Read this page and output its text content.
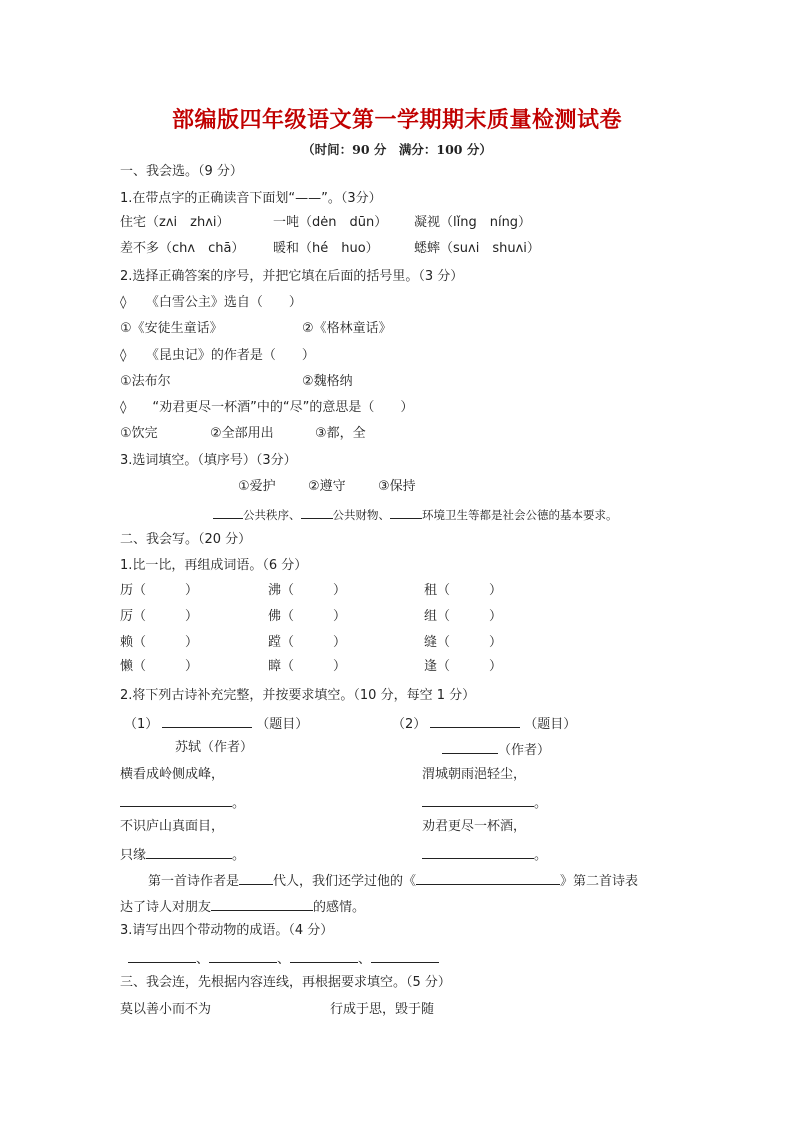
部编版四年级语文第一学期期末质量检测试卷
（时间：90 分　满分：100 分）
一、我会选。（9 分）
1.在带点字的正确读音下面划“——”。（3分）
住宅（zʌi　zhʌi）	一吨（dėn　dūn） 凝视（lǐng　níng）
差不多（chʌ　chā） 暖和（hé　huo）	蟋蟀（suʌi　shuʌi）
2.选择正确答案的序号，并把它填在后面的括号里。（3 分）
◊　　《白雪公主》选自（　　）
①《安徒生童话》	②《格林童话》
◊　　《昆虫记》的作者是（　　）
①法布尔	②魏格纳
◊　　“劝君更尽一杯酒”中的“尽”的意思是（　　）
①饮完	②全部用出	③都，全
3.选词填空。（填序号）（3分）
①爱护 ②遵守 ③保持
公共秩序、	公共财物、	环境卫生等都是社会公德的基本要求。
二、我会写。（20 分）
1.比一比，再组成词语。（6 分）
历（　　　）	沸（　　　）	租（　　　）
厉（　　　）	佛（　　　）	组（　　　）
赖（　　　）	蹚（　　　）	缝（　　　）
懒（　　　）	瞕（　　　）	逢（　　　）
2.将下列古诗补充完整，并按要求填空。（10 分，每空 1 分）
（1）	（题目）
苏轼（作者）
横看成岭侧成峰，
。
不识庐山真面目，
只缘	。
（2）	（题目）
（作者）
渭城朝雨浥轻尘，
。
劝君更尽一杯酒，
。
第一首诗作者是	代人，我们还学过他的《	》第二首诗表
达了诗人对朋友	的感情。
3.请写出四个带动物的成语。（4 分）
、	、	、
三、我会连，先根据内容连线，再根据要求填空。（5 分）
莫以善小而不为	行成于思，毁于随
